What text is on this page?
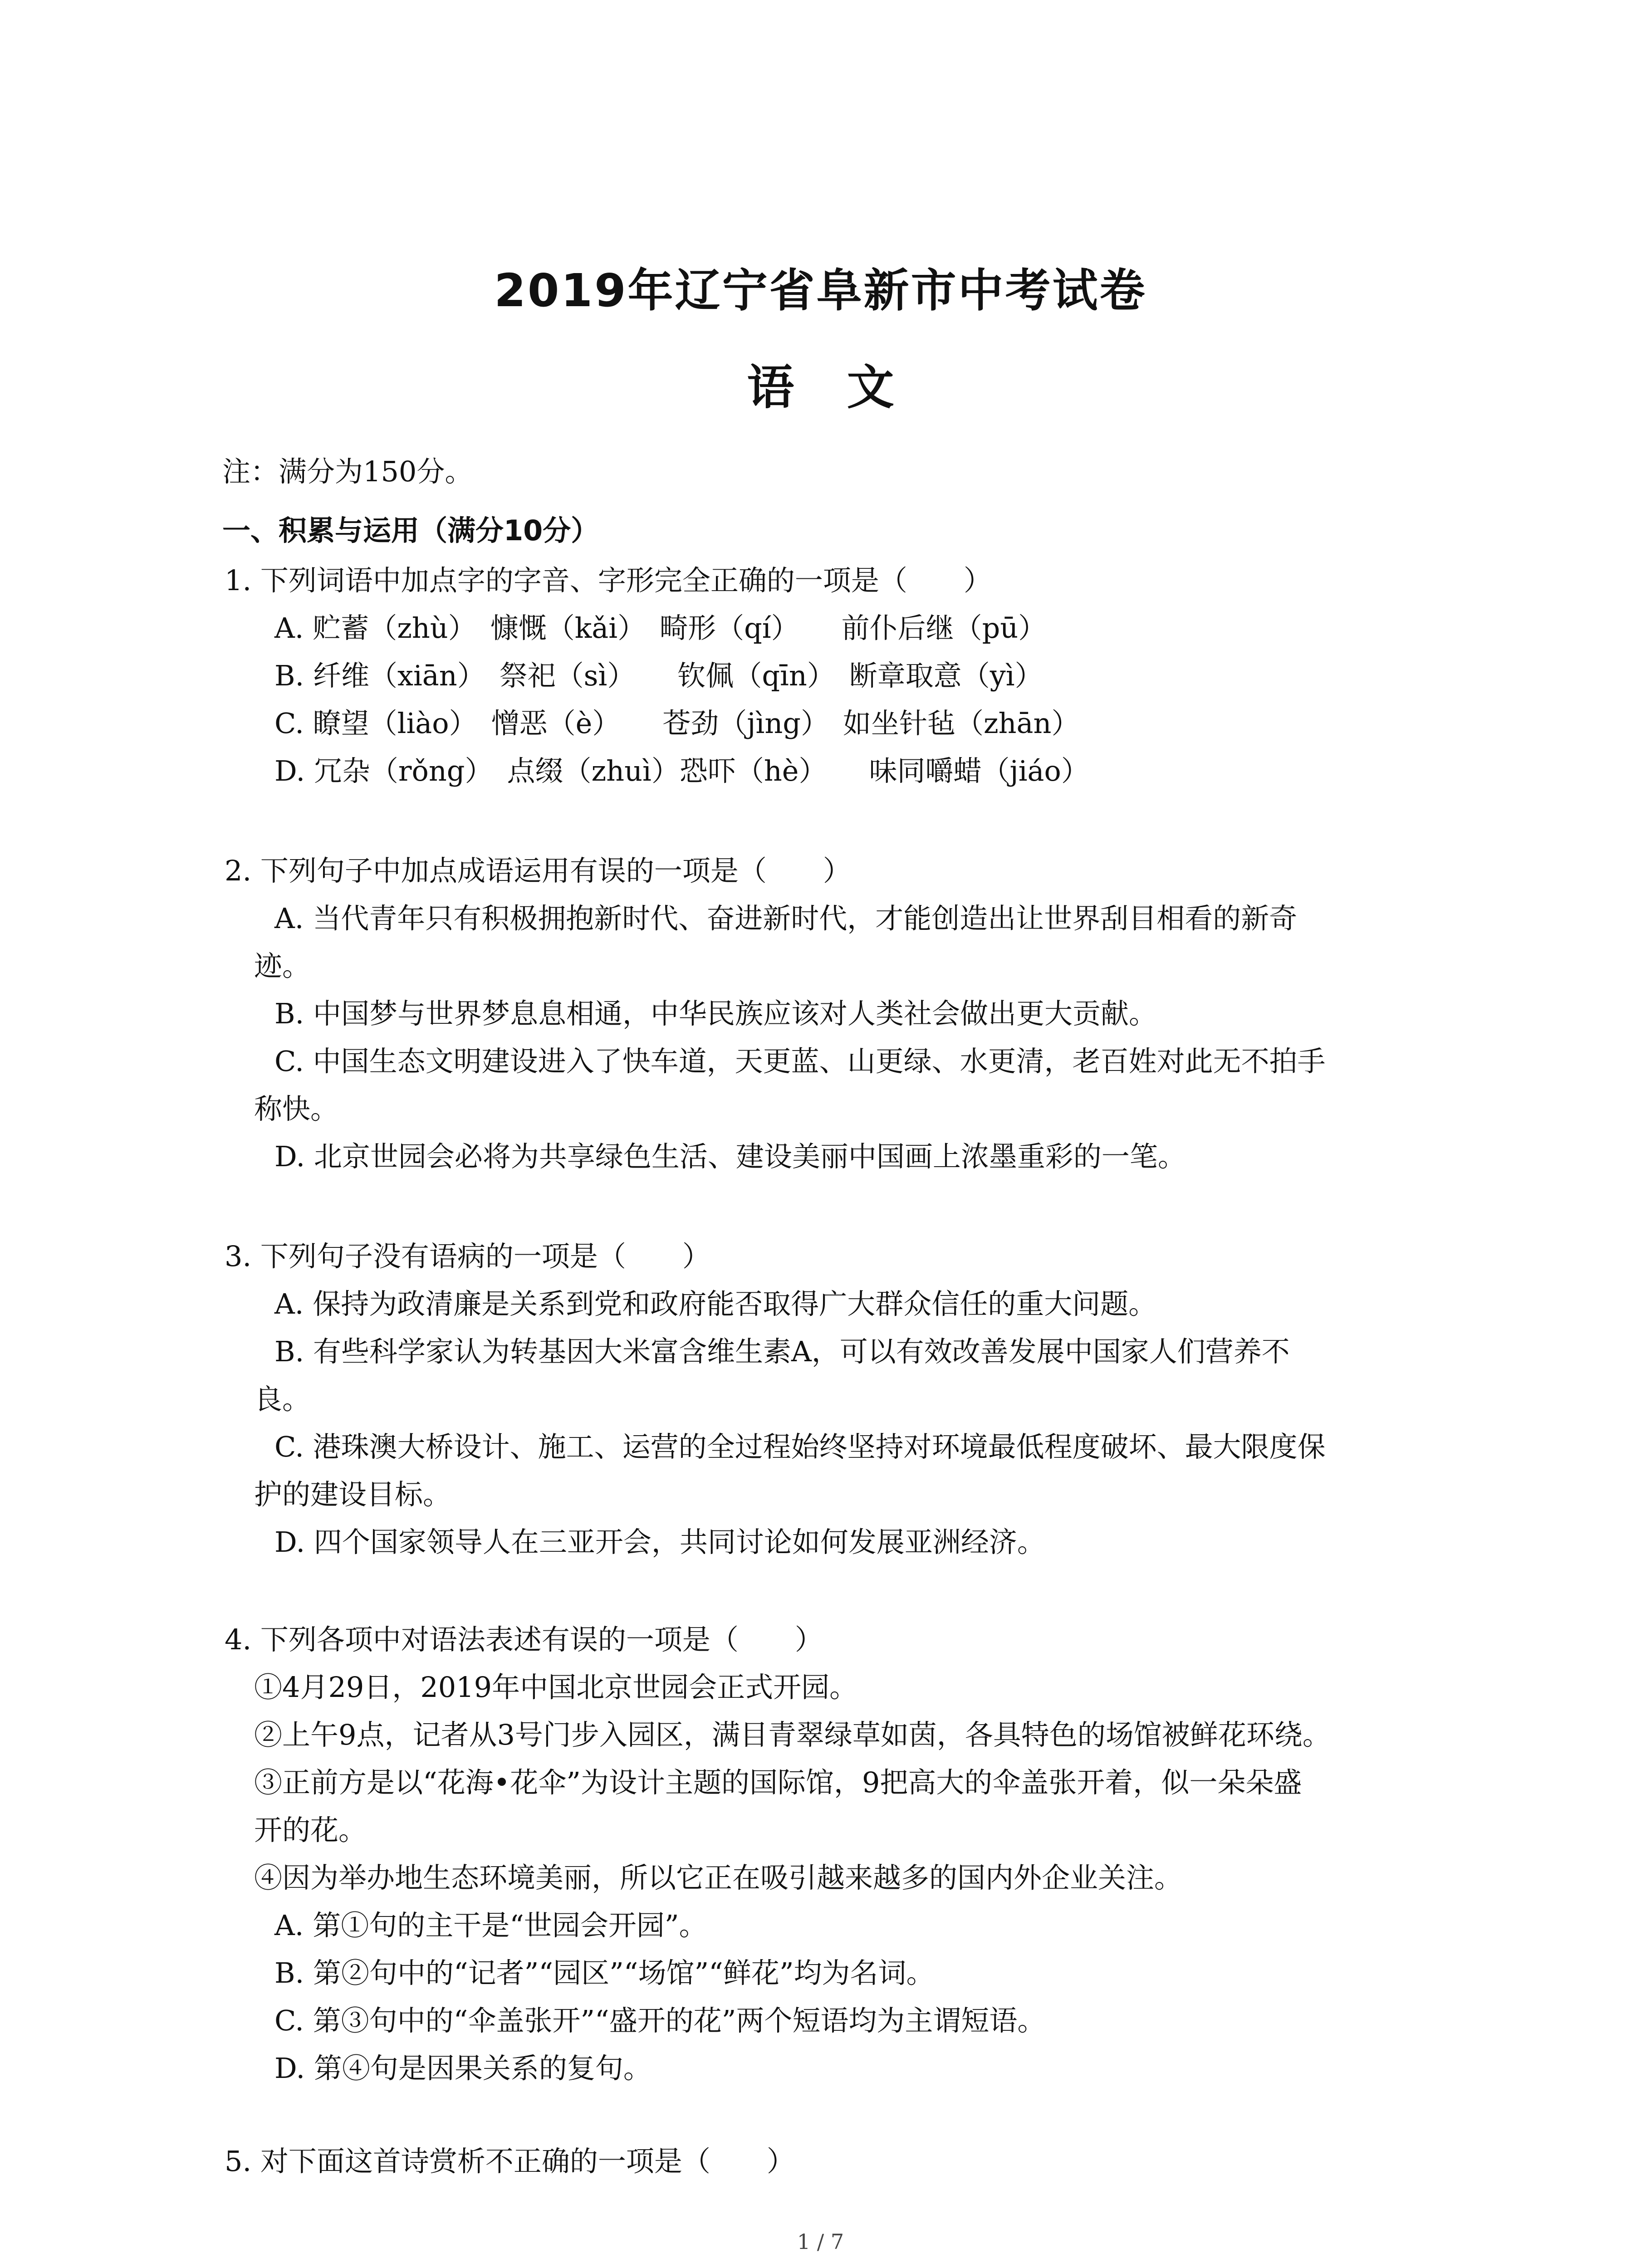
2019年辽宁省阜新市中考试卷
语 文
注：满分为150分。
一、积累与运用（满分10分）
1. 下列词语中加点字的字音、字形完全正确的一项是（　　）
A. 贮蓄（zhù）　慷慨（kǎi）　畸形（qí）　　前仆后继（pū）
B. 纤维（xiān）　祭祀（sì）　　钦佩（qīn）　断章取意（yì）
C. 瞭望（liào）　憎恶（è）　　苍劲（jìng）　如坐针毡（zhān）
D. 冗杂（rǒng）　点缀（zhuì）恐吓（hè）　　味同嚼蜡（jiáo）
2. 下列句子中加点成语运用有误的一项是（　　）
A. 当代青年只有积极拥抱新时代、奋进新时代，才能创造出让世界刮目相看的新奇
迹。
B. 中国梦与世界梦息息相通，中华民族应该对人类社会做出更大贡献。
C. 中国生态文明建设进入了快车道，天更蓝、山更绿、水更清，老百姓对此无不拍手
称快。
D. 北京世园会必将为共享绿色生活、建设美丽中国画上浓墨重彩的一笔。
3. 下列句子没有语病的一项是（　　）
A. 保持为政清廉是关系到党和政府能否取得广大群众信任的重大问题。
B. 有些科学家认为转基因大米富含维生素A，可以有效改善发展中国家人们营养不
良。
C. 港珠澳大桥设计、施工、运营的全过程始终坚持对环境最低程度破坏、最大限度保
护的建设目标。
D. 四个国家领导人在三亚开会，共同讨论如何发展亚洲经济。
4. 下列各项中对语法表述有误的一项是（　　）
①4月29日，2019年中国北京世园会正式开园。
②上午9点，记者从3号门步入园区，满目青翠绿草如茵，各具特色的场馆被鲜花环绕。
③正前方是以“花海•花伞”为设计主题的国际馆，9把高大的伞盖张开着，似一朵朵盛
开的花。
④因为举办地生态环境美丽，所以它正在吸引越来越多的国内外企业关注。
A. 第①句的主干是“世园会开园”。
B. 第②句中的“记者”“园区”“场馆”“鲜花”均为名词。
C. 第③句中的“伞盖张开”“盛开的花”两个短语均为主谓短语。
D. 第④句是因果关系的复句。
5. 对下面这首诗赏析不正确的一项是（　　）
1 / 7
